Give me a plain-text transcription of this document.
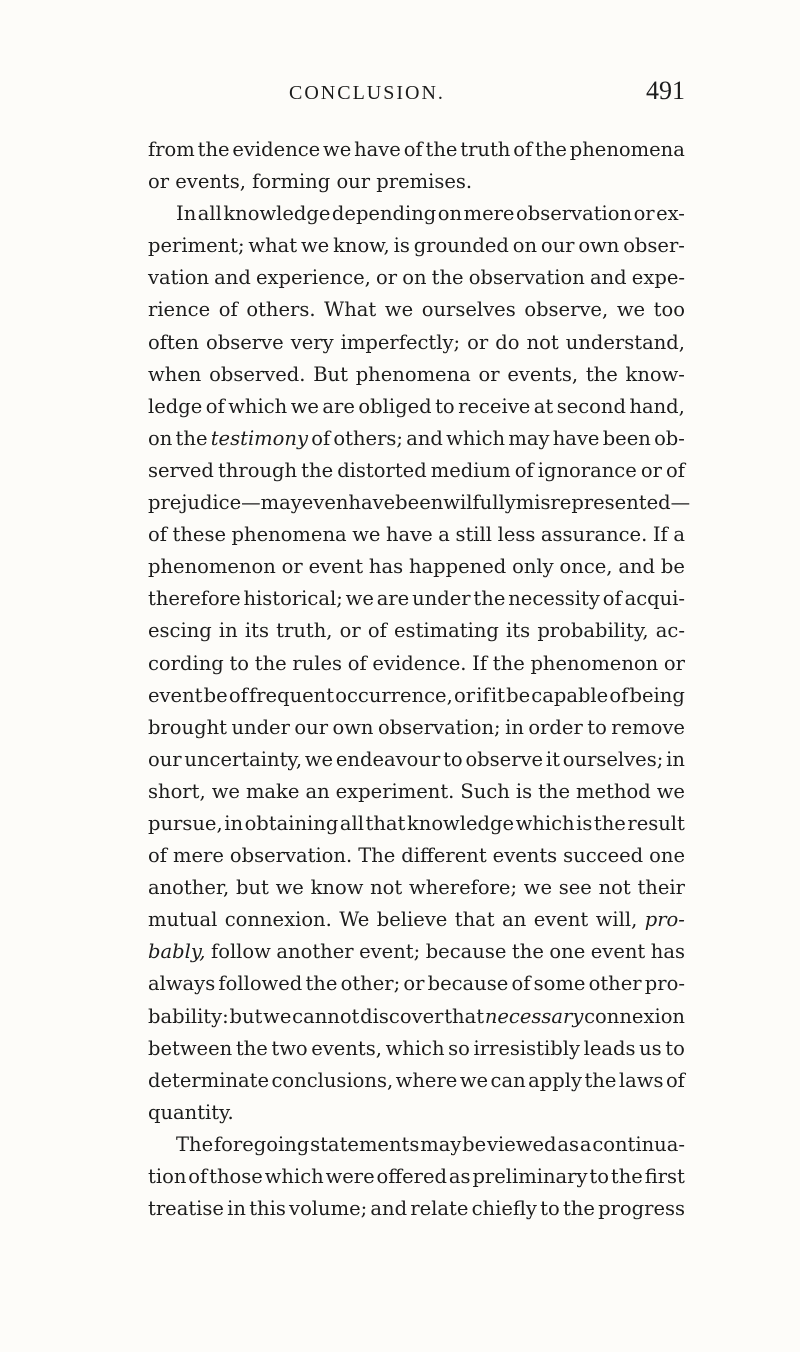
CONCLUSION.	491
from the evidence we have of the truth of the phenomena
or
events,
forming
our
premises.
In all knowledge depending on mere observation or ex-
periment; what we know, is grounded on our own obser-
vation and experience, or on the observation and expe-
rience of others. What we ourselves observe, we too
often observe very imperfectly; or do not understand,
when observed. But phenomena or events, the know-
ledge of which we are obliged to receive at second hand,
on the testimony of others; and which may have been ob-
served through the distorted medium of ignorance or of
prejudice—may even have been wilfully misrepresented—
of these phenomena we have a still less assurance. If a
phenomenon or event has happened only once, and be
therefore historical; we are under the necessity of acqui-
escing in its truth, or of estimating its probability, ac-
cording to the rules of evidence. If the phenomenon or
event be of frequent occurrence, or if it be capable of being
brought under our own observation; in order to remove
our uncertainty, we endeavour to observe it ourselves; in
short, we make an experiment. Such is the method we
pursue, in obtaining all that knowledge which is the result
of mere observation. The different events succeed one
another, but we know not wherefore; we see not their
mutual connexion. We believe that an event will, pro-
bably, follow another event; because the one event has
always followed the other; or because of some other pro-
bability: but we cannot discover that necessary connexion
between the two events, which so irresistibly leads us to
determinate conclusions, where we can apply the laws of
quantity.
The foregoing statements may be viewed as a continua-
tion of those which were offered as preliminary to the first
treatise in this volume; and relate chiefly to the progress
